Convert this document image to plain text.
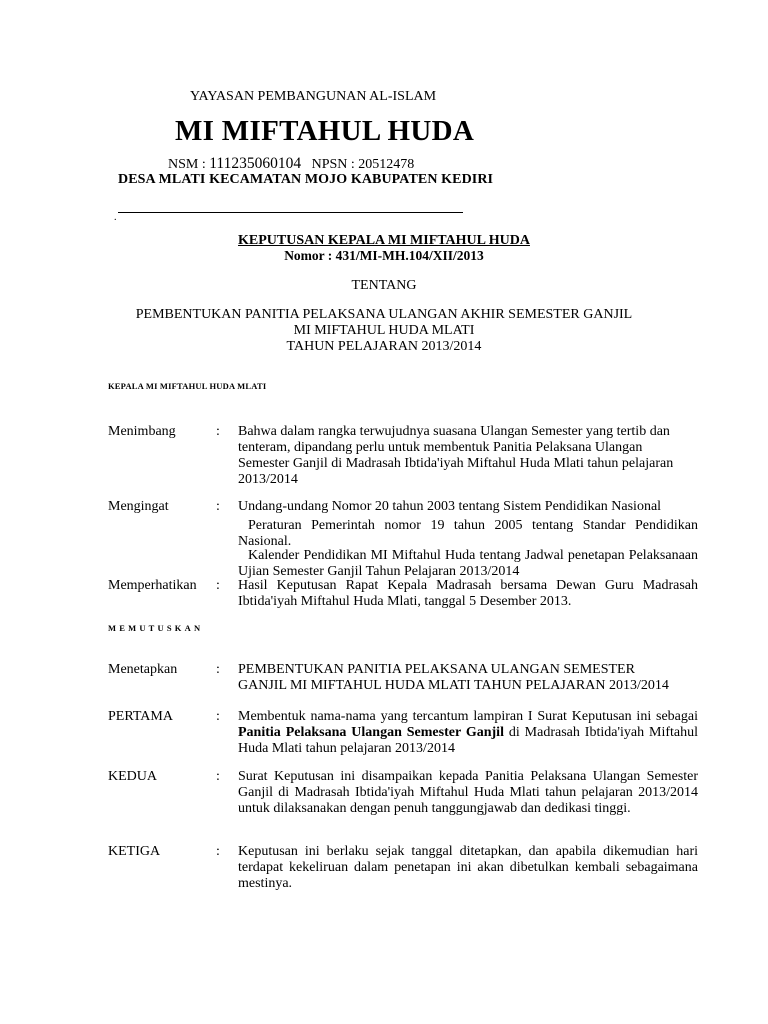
YAYASAN PEMBANGUNAN AL-ISLAM
MI MIFTAHUL HUDA
NSM : 111235060104 NPSN : 20512478
DESA MLATI KECAMATAN MOJO KABUPATEN KEDIRI
.
KEPUTUSAN KEPALA MI MIFTAHUL HUDA
Nomor : 431/MI-MH.104/XII/2013
TENTANG
PEMBENTUKAN PANITIA PELAKSANA ULANGAN AKHIR SEMESTER GANJIL
MI MIFTAHUL HUDA MLATI
TAHUN PELAJARAN 2013/2014
KEPALA MI MIFTAHUL HUDA MLATI
Menimbang	: Bahwa dalam rangka terwujudnya suasana Ulangan Semester yang tertib dan tenteram, dipandang perlu untuk membentuk Panitia Pelaksana Ulangan Semester Ganjil di Madrasah Ibtida'iyah Miftahul Huda Mlati tahun pelajaran 2013/2014
Mengingat	: Undang-undang Nomor 20 tahun 2003 tentang Sistem Pendidikan Nasional
Peraturan Pemerintah nomor 19 tahun 2005 tentang Standar Pendidikan Nasional.
Kalender Pendidikan MI Miftahul Huda tentang Jadwal penetapan Pelaksanaan Ujian Semester Ganjil Tahun Pelajaran 2013/2014
Memperhatikan : Hasil Keputusan Rapat Kepala Madrasah bersama Dewan Guru Madrasah Ibtida'iyah Miftahul Huda Mlati, tanggal 5 Desember 2013.
MEMUTUSKAN
Menetapkan	: PEMBENTUKAN PANITIA PELAKSANA ULANGAN SEMESTER GANJIL MI MIFTAHUL HUDA MLATI TAHUN PELAJARAN 2013/2014
PERTAMA	: Membentuk nama-nama yang tercantum lampiran I Surat Keputusan ini sebagai Panitia Pelaksana Ulangan Semester Ganjil di Madrasah Ibtida'iyah Miftahul Huda Mlati tahun pelajaran 2013/2014
KEDUA	: Surat Keputusan ini disampaikan kepada Panitia Pelaksana Ulangan Semester Ganjil di Madrasah Ibtida'iyah Miftahul Huda Mlati tahun pelajaran 2013/2014 untuk dilaksanakan dengan penuh tanggungjawab dan dedikasi tinggi.
KETIGA	: Keputusan ini berlaku sejak tanggal ditetapkan, dan apabila dikemudian hari terdapat kekeliruan dalam penetapan ini akan dibetulkan kembali sebagaimana mestinya.
